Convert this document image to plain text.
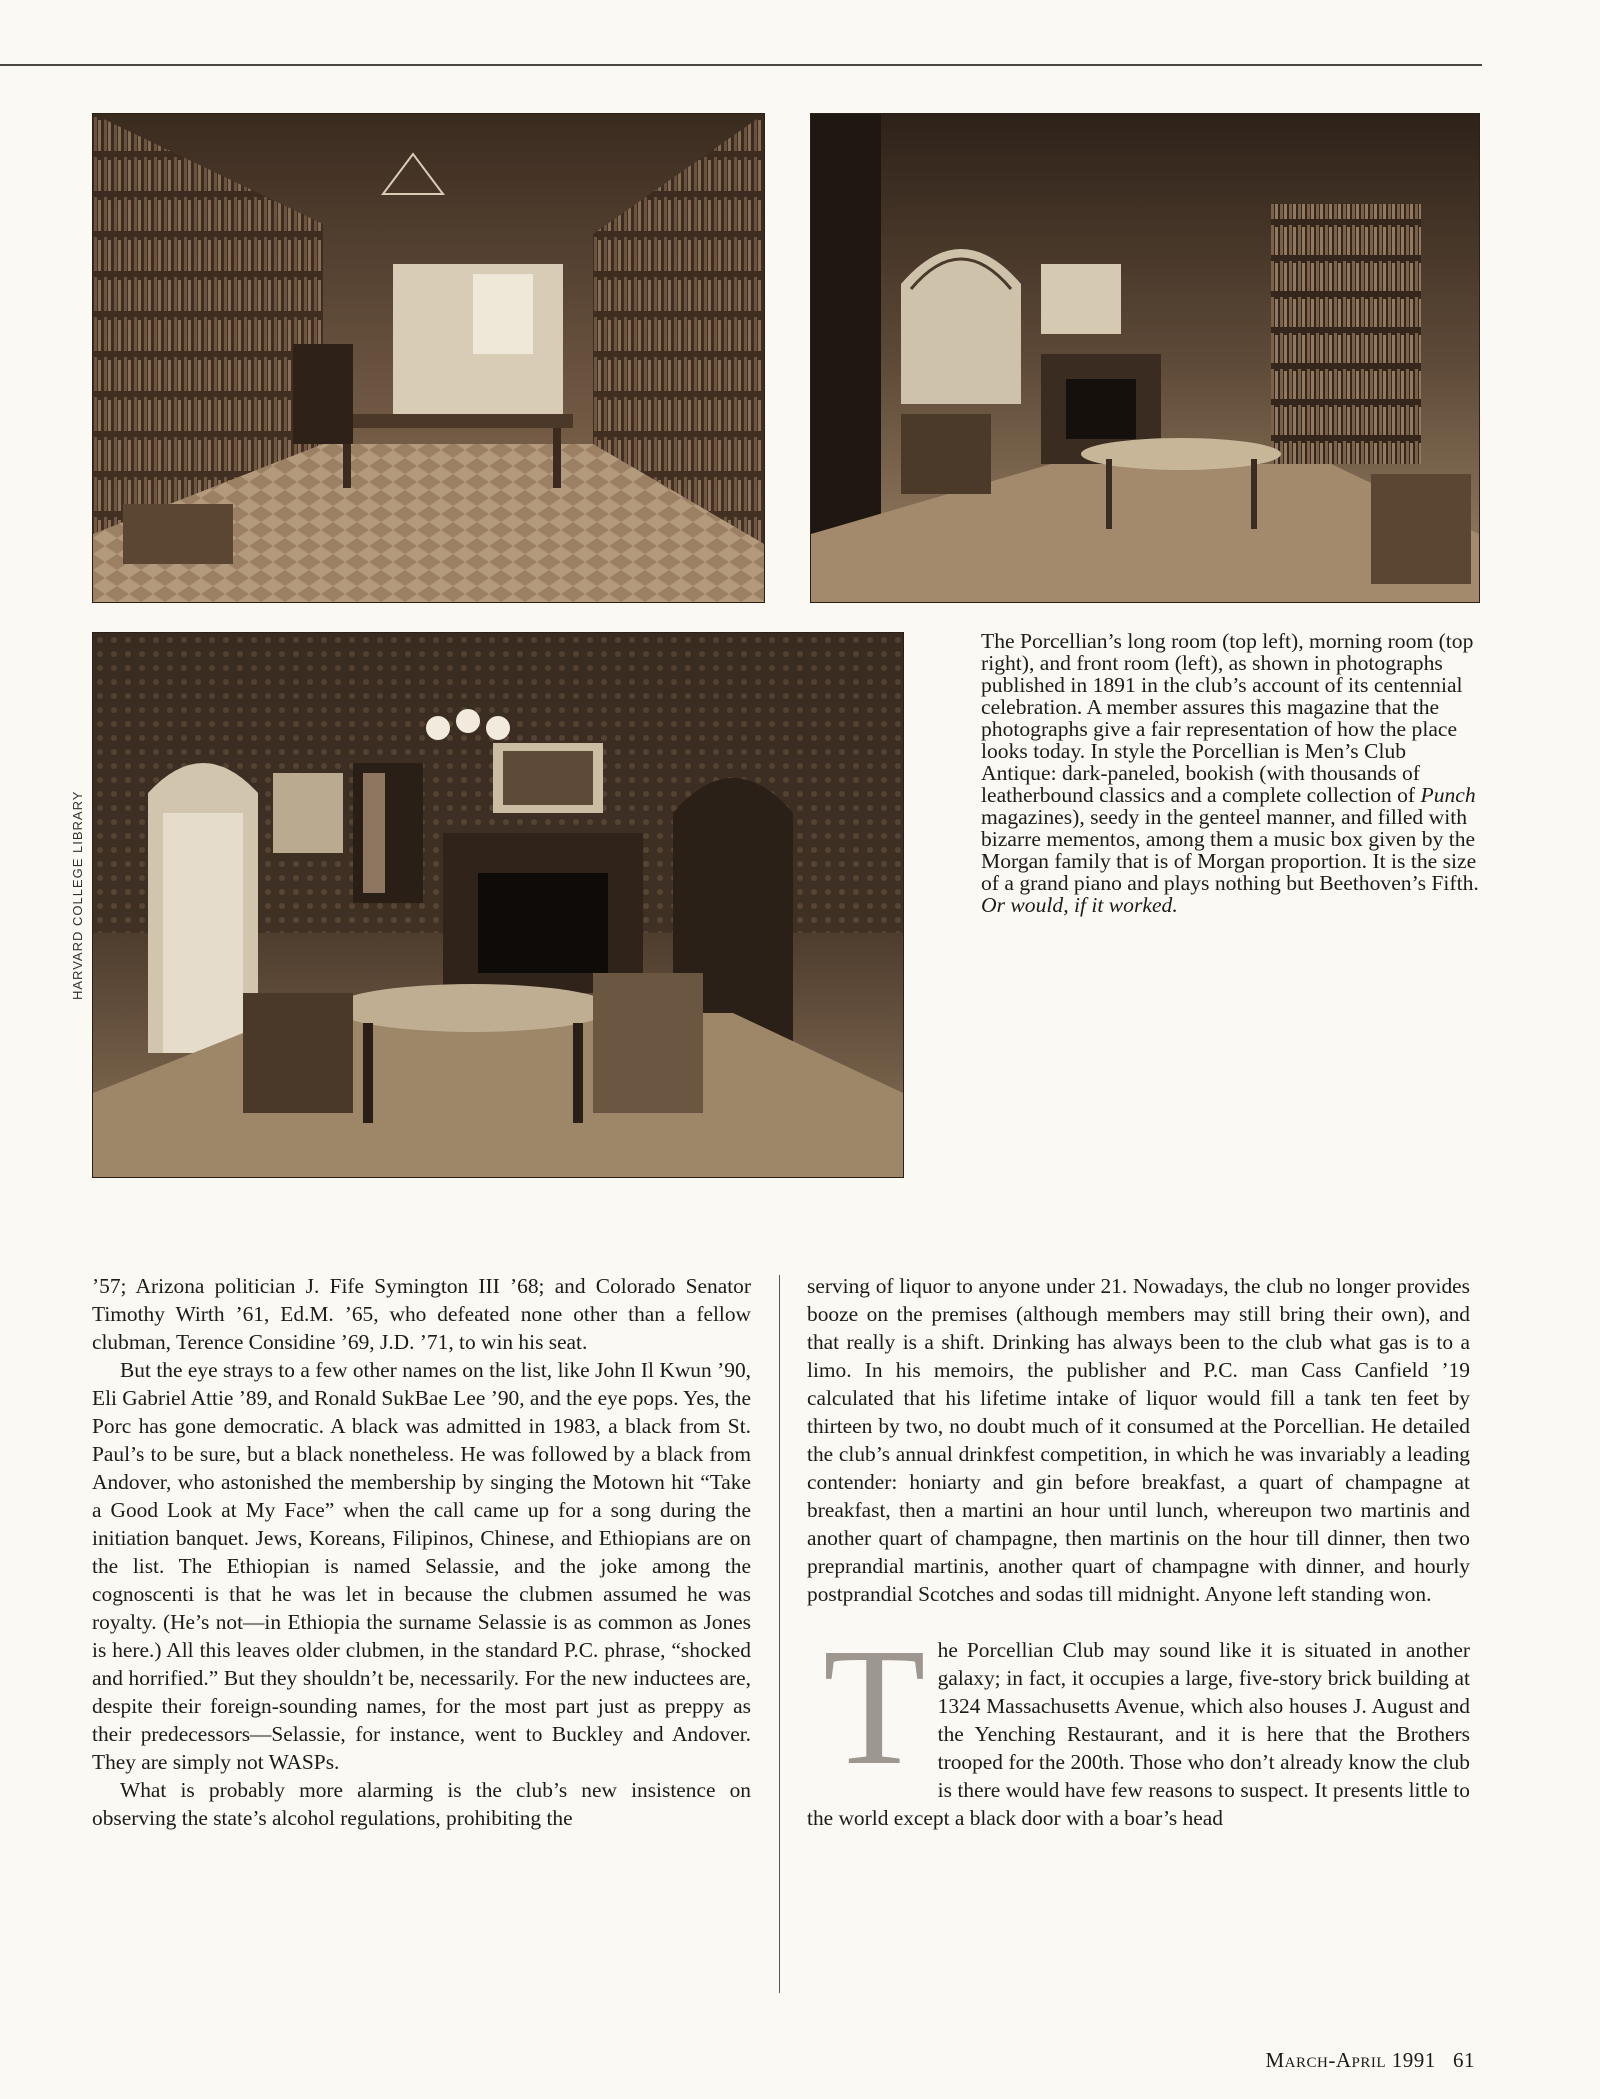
HARVARD COLLEGE LIBRARY
The Porcellian’s long room (top left), morning room (top right), and front room (left), as shown in photographs published in 1891 in the club’s account of its centennial celebration. A member assures this magazine that the photographs give a fair representation of how the place looks today. In style the Porcellian is Men’s Club Antique: dark-paneled, bookish (with thousands of leatherbound classics and a complete collection of Punch magazines), seedy in the genteel manner, and filled with bizarre mementos, among them a music box given by the Morgan family that is of Morgan proportion. It is the size of a grand piano and plays nothing but Beethoven’s Fifth. Or would, if it worked.

’57; Arizona politician J. Fife Symington III ’68; and Colorado Senator Timothy Wirth ’61, Ed.M. ’65, who defeated none other than a fellow clubman, Terence Considine ’69, J.D. ’71, to win his seat.

But the eye strays to a few other names on the list, like John Il Kwun ’90, Eli Gabriel Attie ’89, and Ronald SukBae Lee ’90, and the eye pops. Yes, the Porc has gone democratic. A black was admitted in 1983, a black from St. Paul’s to be sure, but a black nonetheless. He was followed by a black from Andover, who astonished the membership by singing the Motown hit “Take a Good Look at My Face” when the call came up for a song during the initiation banquet. Jews, Koreans, Filipinos, Chinese, and Ethiopians are on the list. The Ethiopian is named Selassie, and the joke among the cognoscenti is that he was let in because the clubmen assumed he was royalty. (He’s not—in Ethiopia the surname Selassie is as common as Jones is here.) All this leaves older clubmen, in the standard P.C. phrase, “shocked and horrified.” But they shouldn’t be, necessarily. For the new inductees are, despite their foreign-sounding names, for the most part just as preppy as their predecessors—Selassie, for instance, went to Buckley and Andover. They are simply not WASPs.

What is probably more alarming is the club’s new insistence on observing the state’s alcohol regulations, prohibiting the

serving of liquor to anyone under 21. Nowadays, the club no longer provides booze on the premises (although members may still bring their own), and that really is a shift. Drinking has always been to the club what gas is to a limo. In his memoirs, the publisher and P.C. man Cass Canfield ’19 calculated that his lifetime intake of liquor would fill a tank ten feet by thirteen by two, no doubt much of it consumed at the Porcellian. He detailed the club’s annual drinkfest competition, in which he was invariably a leading contender: honiarty and gin before breakfast, a quart of champagne at breakfast, then a martini an hour until lunch, whereupon two martinis and another quart of champagne, then martinis on the hour till dinner, then two preprandial martinis, another quart of champagne with dinner, and hourly postprandial Scotches and sodas till midnight. Anyone left standing won.

The Porcellian Club may sound like it is situated in another galaxy; in fact, it occupies a large, five-story brick building at 1324 Massachusetts Avenue, which also houses J. August and the Yenching Restaurant, and it is here that the Brothers trooped for the 200th. Those who don’t already know the club is there would have few reasons to suspect. It presents little to the world except a black door with a boar’s head

March-April 1991 61
